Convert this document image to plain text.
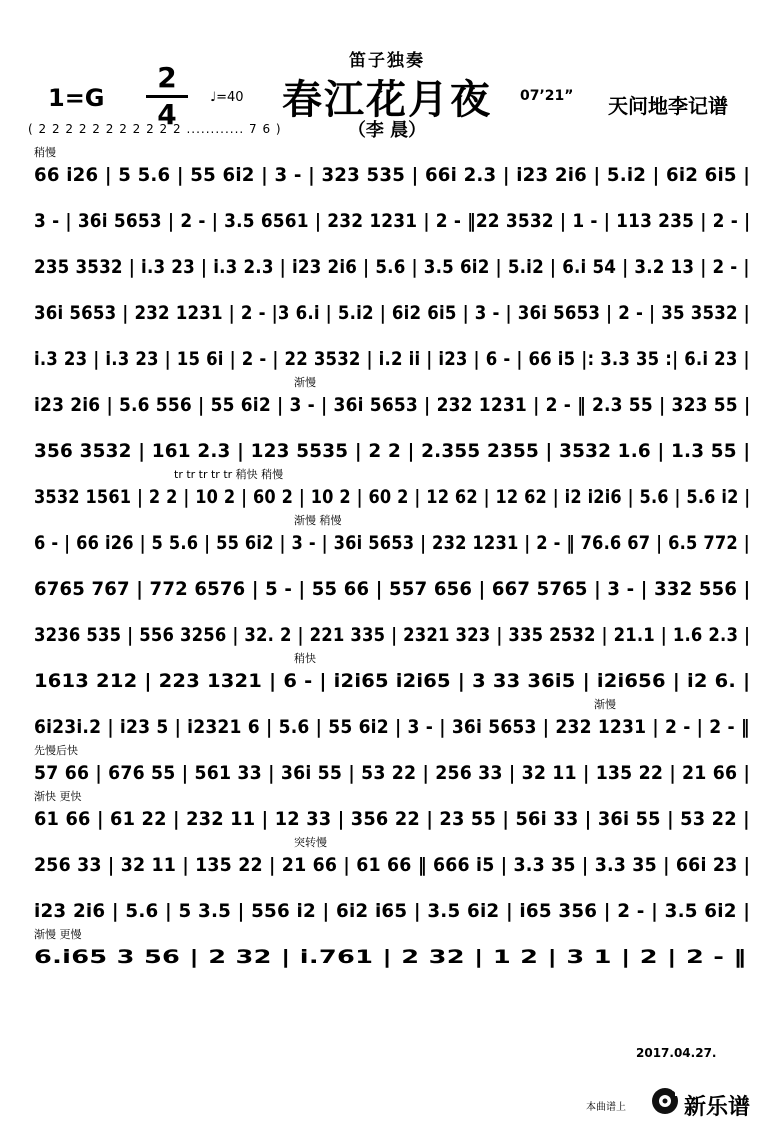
笛子独奏
1=G
2
4
♩=40 春江花月夜
（李 晨）
07’21” 天问地李记谱
( 2 2 2 2 2 2 2 2 2 2 2 ............ 7 6 )
稍慢
66 i26 | 5 5.6 | 55 6i2 | 3 - | 323 535 | 66i 2.3 | i23 2i6 | 5.i2 | 6i2 6i5 |
3 - | 36i 5653 | 2 - | 3.5 6561 | 232 1231 | 2 - ‖22 3532 | 1 - | 113 235 | 2 - |
235 3532 | i.3 23 | i.3 2.3 | i23 2i6 | 5.6 | 3.5 6i2 | 5.i2 | 6.i 54 | 3.2 13 | 2 - |
36i 5653 | 232 1231 | 2 - |3 6.i | 5.i2 | 6i2 6i5 | 3 - | 36i 5653 | 2 - | 35 3532 |
i.3 23 | i.3 23 | 15 6i | 2 - | 22 3532 | i.2 ii | i23 | 6 - | 66 i5 |: 3.3 35 :| 6.i 23 |
渐慢
i23 2i6 | 5.6 556 | 55 6i2 | 3 - | 36i 5653 | 232 1231 | 2 - ‖ 2.3 55 | 323 55 |
356 3532 | 161 2.3 | 123 5535 | 2 2 | 2.355 2355 | 3532 1.6 | 1.3 55 |
tr tr tr tr tr 稍快 稍慢
3532 1561 | 2 2 | 10 2 | 60 2 | 10 2 | 60 2 | 12 62 | 12 62 | i2 i2i6 | 5.6 | 5.6 i2 |
渐慢 稍慢
6 - | 66 i26 | 5 5.6 | 55 6i2 | 3 - | 36i 5653 | 232 1231 | 2 - ‖ 76.6 67 | 6.5 772 |
6765 767 | 772 6576 | 5 - | 55 66 | 557 656 | 667 5765 | 3 - | 332 556 |
3236 535 | 556 3256 | 32. 2 | 221 335 | 2321 323 | 335 2532 | 21.1 | 1.6 2.3 |
稍快
1613 212 | 223 1321 | 6 - | i2i65 i2i65 | 3 33 36i5 | i2i656 | i2 6. |
渐慢
6i23i.2 | i23 5 | i2321 6 | 5.6 | 55 6i2 | 3 - | 36i 5653 | 232 1231 | 2 - | 2 - ‖
先慢后快
57 66 | 676 55 | 561 33 | 36i 55 | 53 22 | 256 33 | 32 11 | 135 22 | 21 66 |
渐快 更快
61 66 | 61 22 | 232 11 | 12 33 | 356 22 | 23 55 | 56i 33 | 36i 55 | 53 22 |
突转慢
256 33 | 32 11 | 135 22 | 21 66 | 61 66 ‖ 666 i5 | 3.3 35 | 3.3 35 | 66i 23 |
i23 2i6 | 5.6 | 5 3.5 | 556 i2 | 6i2 i65 | 3.5 6i2 | i65 356 | 2 - | 3.5 6i2 |
渐慢 更慢
6.i65 3 56 | 2 32 | i.761 | 2 32 | 1 2 | 3 1 | 2 | 2 - ‖
2017.04.27.
本曲谱上	新乐谱
